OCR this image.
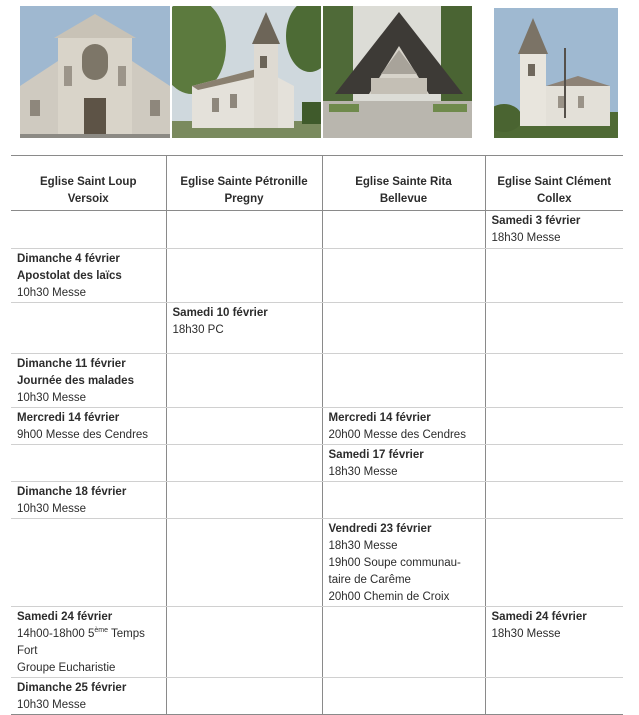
Eglise Saint Loup
Versoix	Eglise Sainte Pétronille
Pregny	Eglise Sainte Rita
Bellevue	Eglise Saint Clément
Collex

			Samedi 3 février
18h30 Messe

Dimanche 4 février
Apostolat des laïcs
10h30 Messe			

	Samedi 10 février
18h30 PC		

Dimanche 11 février
Journée des malades
10h30 Messe			

Mercredi 14 février
9h00 Messe des Cendres		Mercredi 14 février
20h00 Messe des Cendres	

		Samedi 17 février
18h30 Messe	

Dimanche 18 février
10h30 Messe			

		Vendredi 23 février
18h30 Messe
19h00 Soupe communau-
taire de Carême
20h00 Chemin de Croix	

Samedi 24 février
14h00-18h00 5ème Temps
Fort
Groupe Eucharistie			Samedi 24 février
18h30 Messe

Dimanche 25 février
10h30 Messe			
